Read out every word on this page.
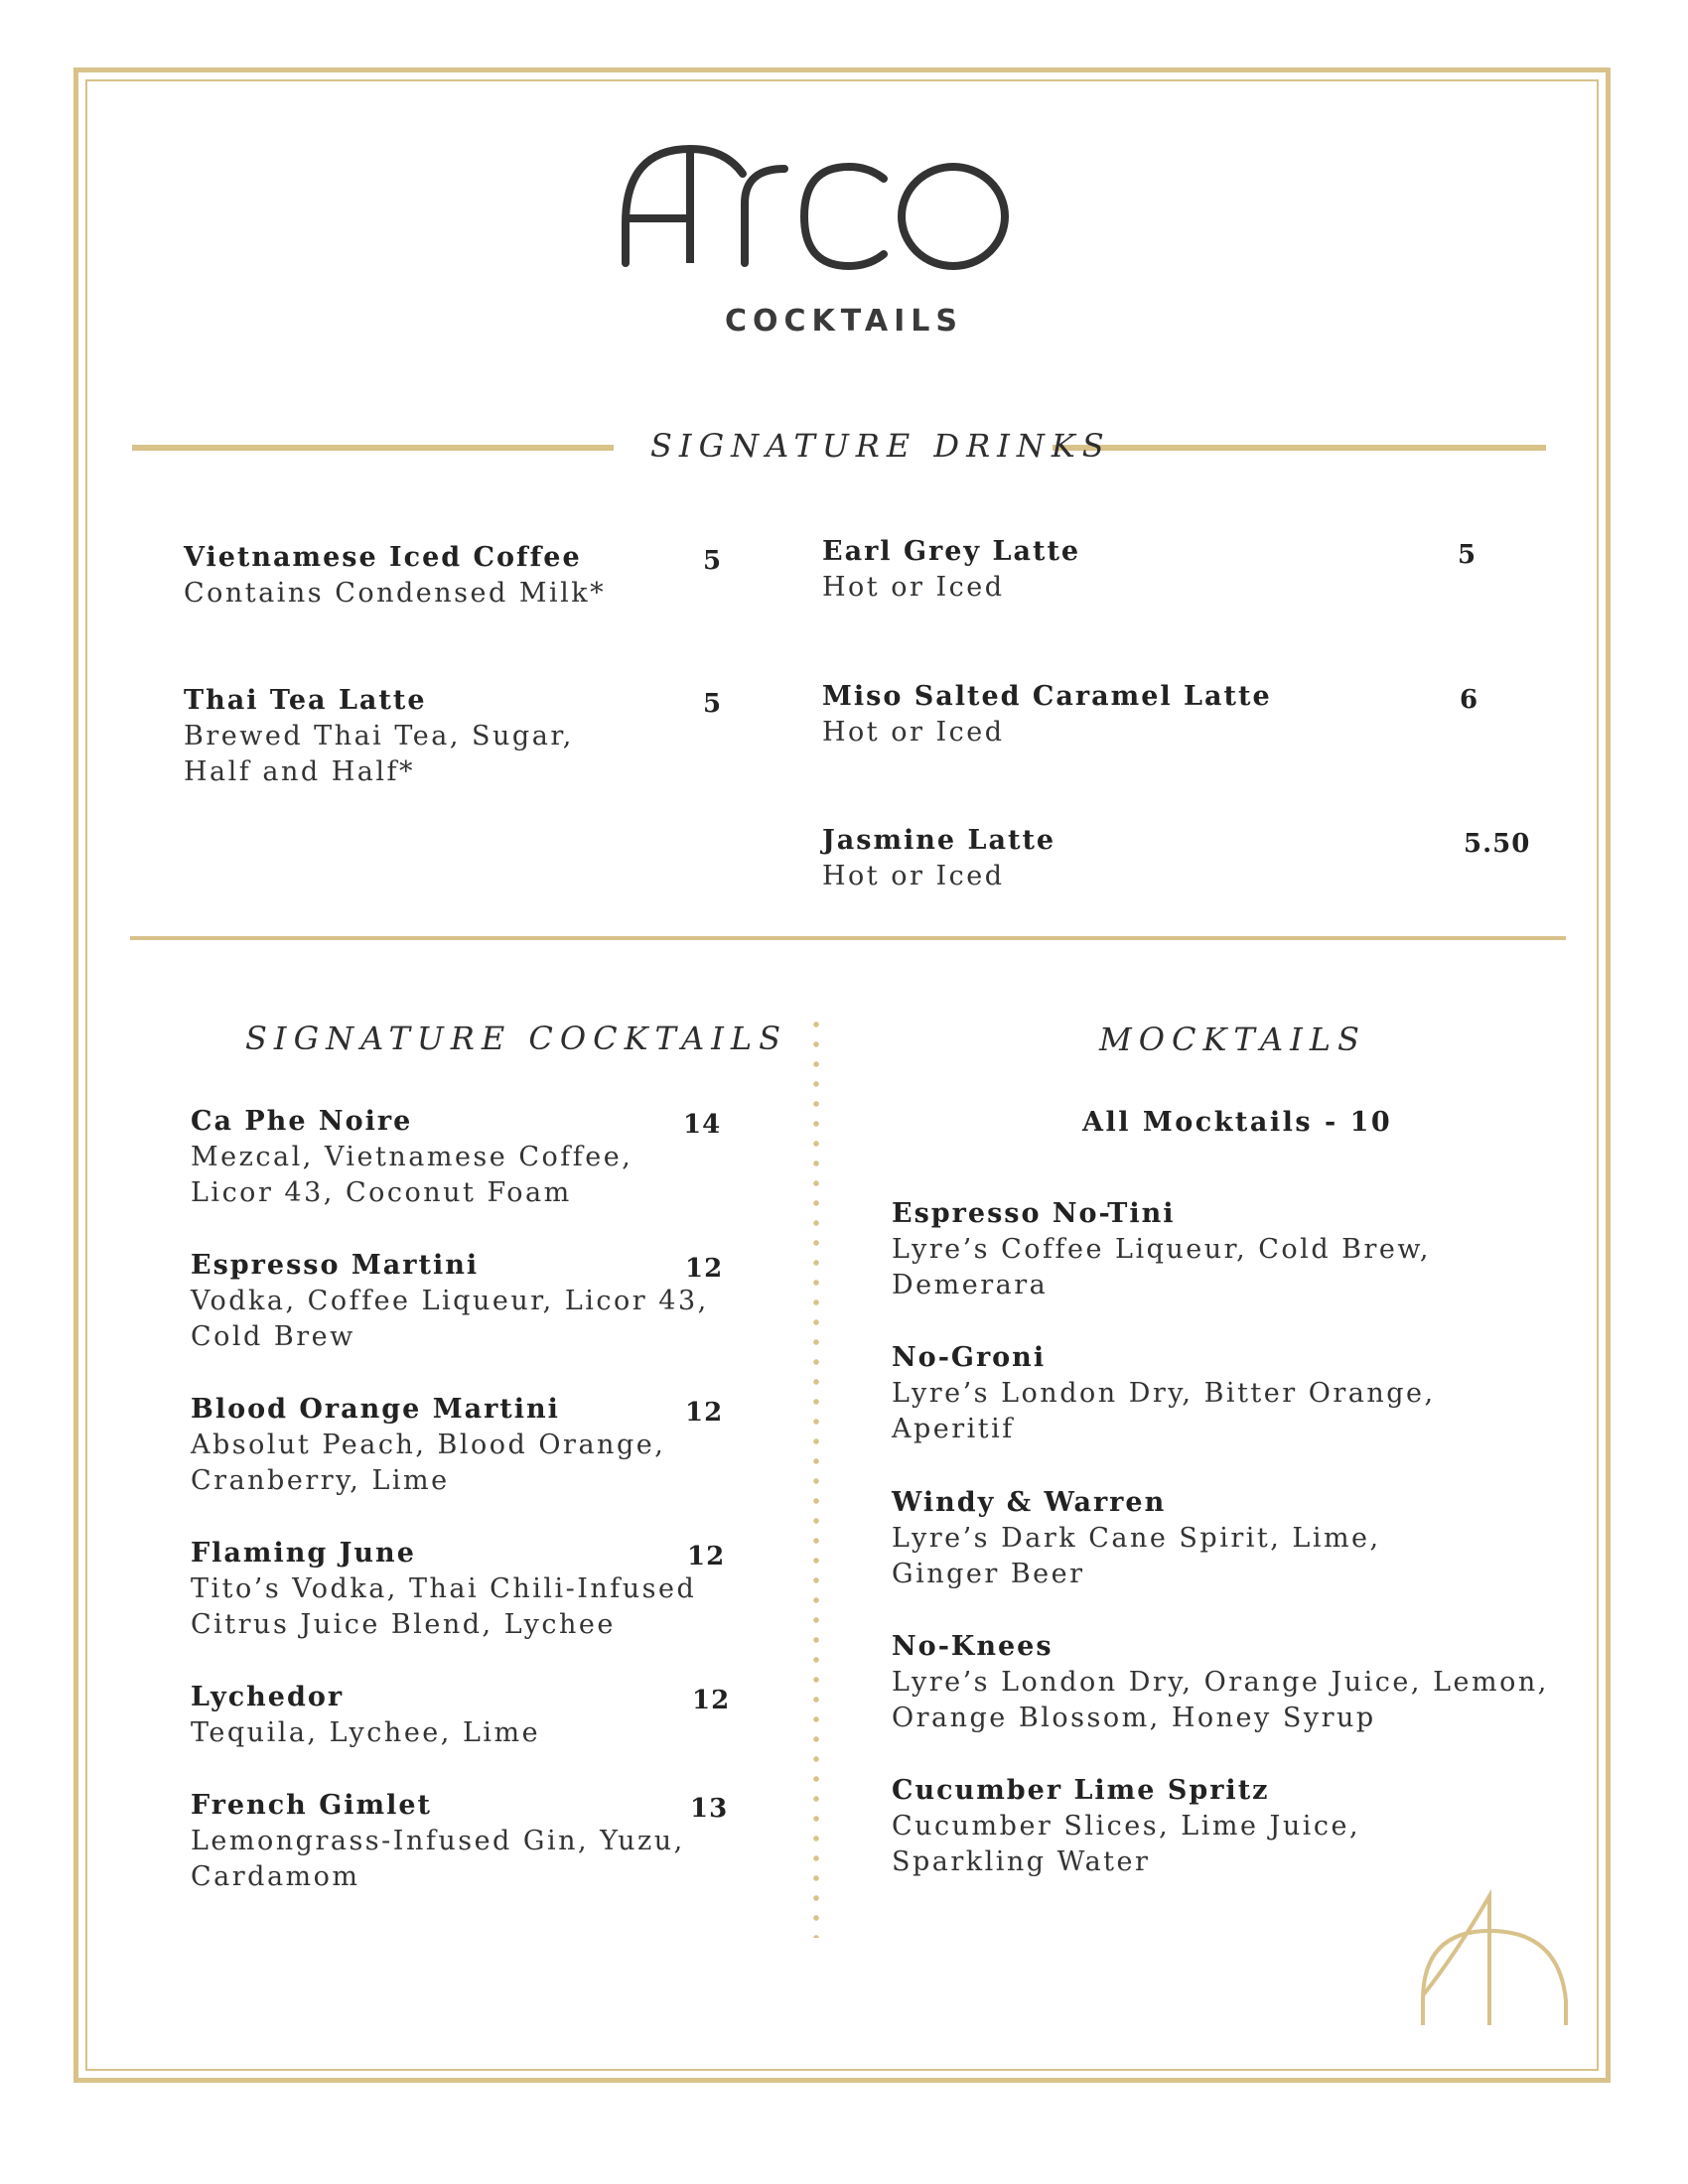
COCKTAILS
SIGNATURE DRINKS
Vietnamese Iced Coffee
Contains Condensed Milk*
5
Thai Tea Latte
Brewed Thai Tea, Sugar,
Half and Half*
5
Earl Grey Latte
Hot or Iced
5
Miso Salted Caramel Latte
Hot or Iced
6
Jasmine Latte
Hot or Iced
5.50
SIGNATURE COCKTAILS	MOCKTAILS
Ca Phe Noire
Mezcal, Vietnamese Coffee,
Licor 43, Coconut Foam
14
Espresso Martini
Vodka, Coffee Liqueur, Licor 43,
Cold Brew
12
Blood Orange Martini
Absolut Peach, Blood Orange,
Cranberry, Lime
12
Flaming June
Tito’s Vodka, Thai Chili-Infused
Citrus Juice Blend, Lychee
12
Lychedor
Tequila, Lychee, Lime
12
French Gimlet
Lemongrass-Infused Gin, Yuzu,
Cardamom
13
All Mocktails - 10
Espresso No-Tini
Lyre’s Coffee Liqueur, Cold Brew,
Demerara
No-Groni
Lyre’s London Dry, Bitter Orange,
Aperitif
Windy & Warren
Lyre’s Dark Cane Spirit, Lime,
Ginger Beer
No-Knees
Lyre’s London Dry, Orange Juice, Lemon,
Orange Blossom, Honey Syrup
Cucumber Lime Spritz
Cucumber Slices, Lime Juice,
Sparkling Water
